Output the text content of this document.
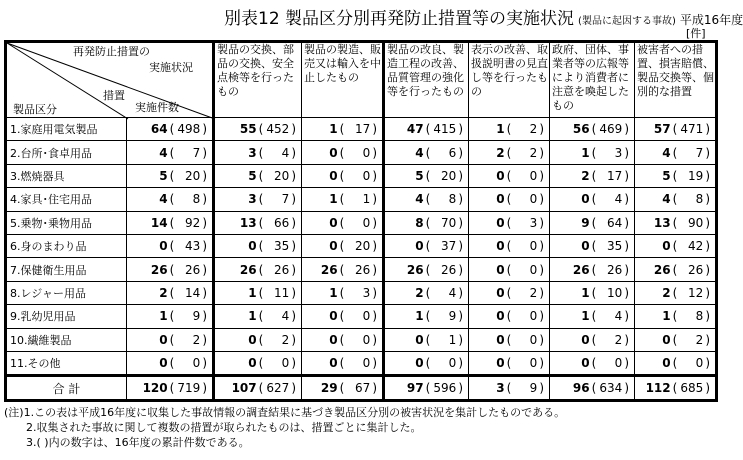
別表12 製品区分別再発防止措置等の実施状況 (製品に起因する事故) 平成16年度
[件]
再発防止措置の
実施状況
措置
製品区分 実施件数		製品の交換、部品の交換、安全点検等を行ったもの	製品の製造、販売又は輸入を中止したもの	製品の改良、製造工程の改善、品質管理の強化等を行ったもの	表示の改善、取扱説明書の見直し等を行ったもの	政府、団体、事業者等の広報等により消費者に注意を喚起したもの	被害者への措置、損害賠償、製品交換等、個別的な措置
1.家庭用電気製品	64 ( 498 )	55 ( 452 )	1 ( 17 )	47 ( 415 )	1 ( 2 )	56 ( 469 )	57 ( 471 )

2.台所･食卓用品	4 ( 7 )	3 ( 4 )	0 ( 0 )	4 ( 6 )	2 ( 2 )	1 ( 3 )	4 ( 7 )

3.燃焼器具	5 ( 20 )	5 ( 20 )	0 ( 0 )	5 ( 20 )	0 ( 0 )	2 ( 17 )	5 ( 19 )

4.家具･住宅用品	4 ( 8 )	3 ( 7 )	1 ( 1 )	4 ( 8 )	0 ( 0 )	0 ( 4 )	4 ( 8 )

5.乗物･乗物用品	14 ( 92 )	13 ( 66 )	0 ( 0 )	8 ( 70 )	0 ( 3 )	9 ( 64 )	13 ( 90 )

6.身のまわり品	0 ( 43 )	0 ( 35 )	0 ( 20 )	0 ( 37 )	0 ( 0 )	0 ( 35 )	0 ( 42 )

7.保健衛生用品	26 ( 26 )	26 ( 26 )	26 ( 26 )	26 ( 26 )	0 ( 0 )	26 ( 26 )	26 ( 26 )

8.レジャー用品	2 ( 14 )	1 ( 11 )	1 ( 3 )	2 ( 4 )	0 ( 2 )	1 ( 10 )	2 ( 12 )

9.乳幼児用品	1 ( 9 )	1 ( 4 )	0 ( 0 )	1 ( 9 )	0 ( 0 )	1 ( 4 )	1 ( 8 )

10.繊維製品	0 ( 2 )	0 ( 2 )	0 ( 0 )	0 ( 1 )	0 ( 0 )	0 ( 2 )	0 ( 2 )

11.その他	0 ( 0 )	0 ( 0 )	0 ( 0 )	0 ( 0 )	0 ( 0 )	0 ( 0 )	0 ( 0 )

合 計	120 ( 719 )	107 ( 627 )	29 ( 67 )	97 ( 596 )	3 ( 9 )	96 ( 634 )	112 ( 685 )
(注)1.この表は平成16年度に収集した事故情報の調査結果に基づき製品区分別の被害状況を集計したものである。
2.収集された事故に関して複数の措置が取られたものは、措置ごとに集計した。
3.( )内の数字は、16年度の累計件数である。
